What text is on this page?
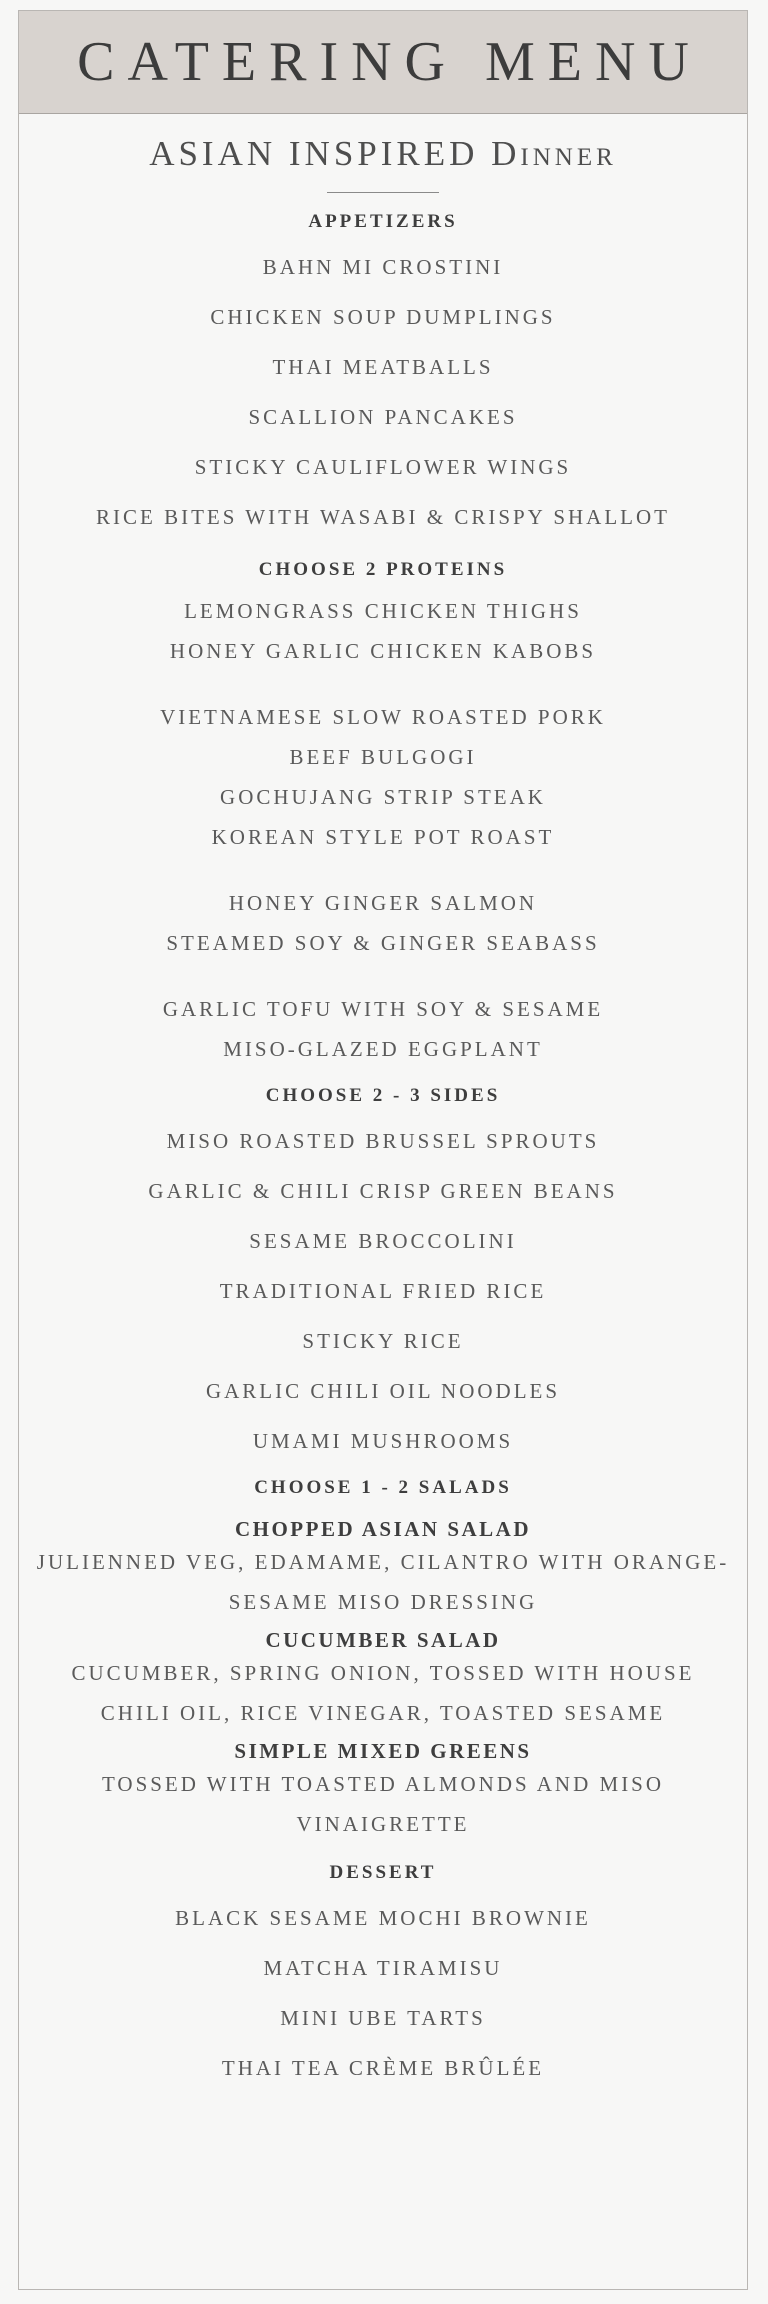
CATERING MENU
ASIAN INSPIRED Dinner

APPETIZERS

BAHN MI CROSTINI

CHICKEN SOUP DUMPLINGS

THAI MEATBALLS

SCALLION PANCAKES

STICKY CAULIFLOWER WINGS

RICE BITES WITH WASABI & CRISPY SHALLOT

CHOOSE 2 PROTEINS

LEMONGRASS CHICKEN THIGHS

HONEY GARLIC CHICKEN KABOBS

VIETNAMESE SLOW ROASTED PORK

BEEF BULGOGI

GOCHUJANG STRIP STEAK

KOREAN STYLE POT ROAST

HONEY GINGER SALMON

STEAMED SOY & GINGER SEABASS

GARLIC TOFU WITH SOY & SESAME

MISO-GLAZED EGGPLANT

CHOOSE 2 - 3 SIDES

MISO ROASTED BRUSSEL SPROUTS

GARLIC & CHILI CRISP GREEN BEANS

SESAME BROCCOLINI

TRADITIONAL FRIED RICE

STICKY RICE

GARLIC CHILI OIL NOODLES

UMAMI MUSHROOMS

CHOOSE 1 - 2 SALADS

CHOPPED ASIAN SALAD

JULIENNED VEG, EDAMAME, CILANTRO WITH ORANGE-SESAME MISO DRESSING

CUCUMBER SALAD

CUCUMBER, SPRING ONION, TOSSED WITH HOUSE CHILI OIL, RICE VINEGAR, TOASTED SESAME

SIMPLE MIXED GREENS

TOSSED WITH TOASTED ALMONDS AND MISO VINAIGRETTE

DESSERT

BLACK SESAME MOCHI BROWNIE

MATCHA TIRAMISU

MINI UBE TARTS

THAI TEA CRÈME BRÛLÉE
